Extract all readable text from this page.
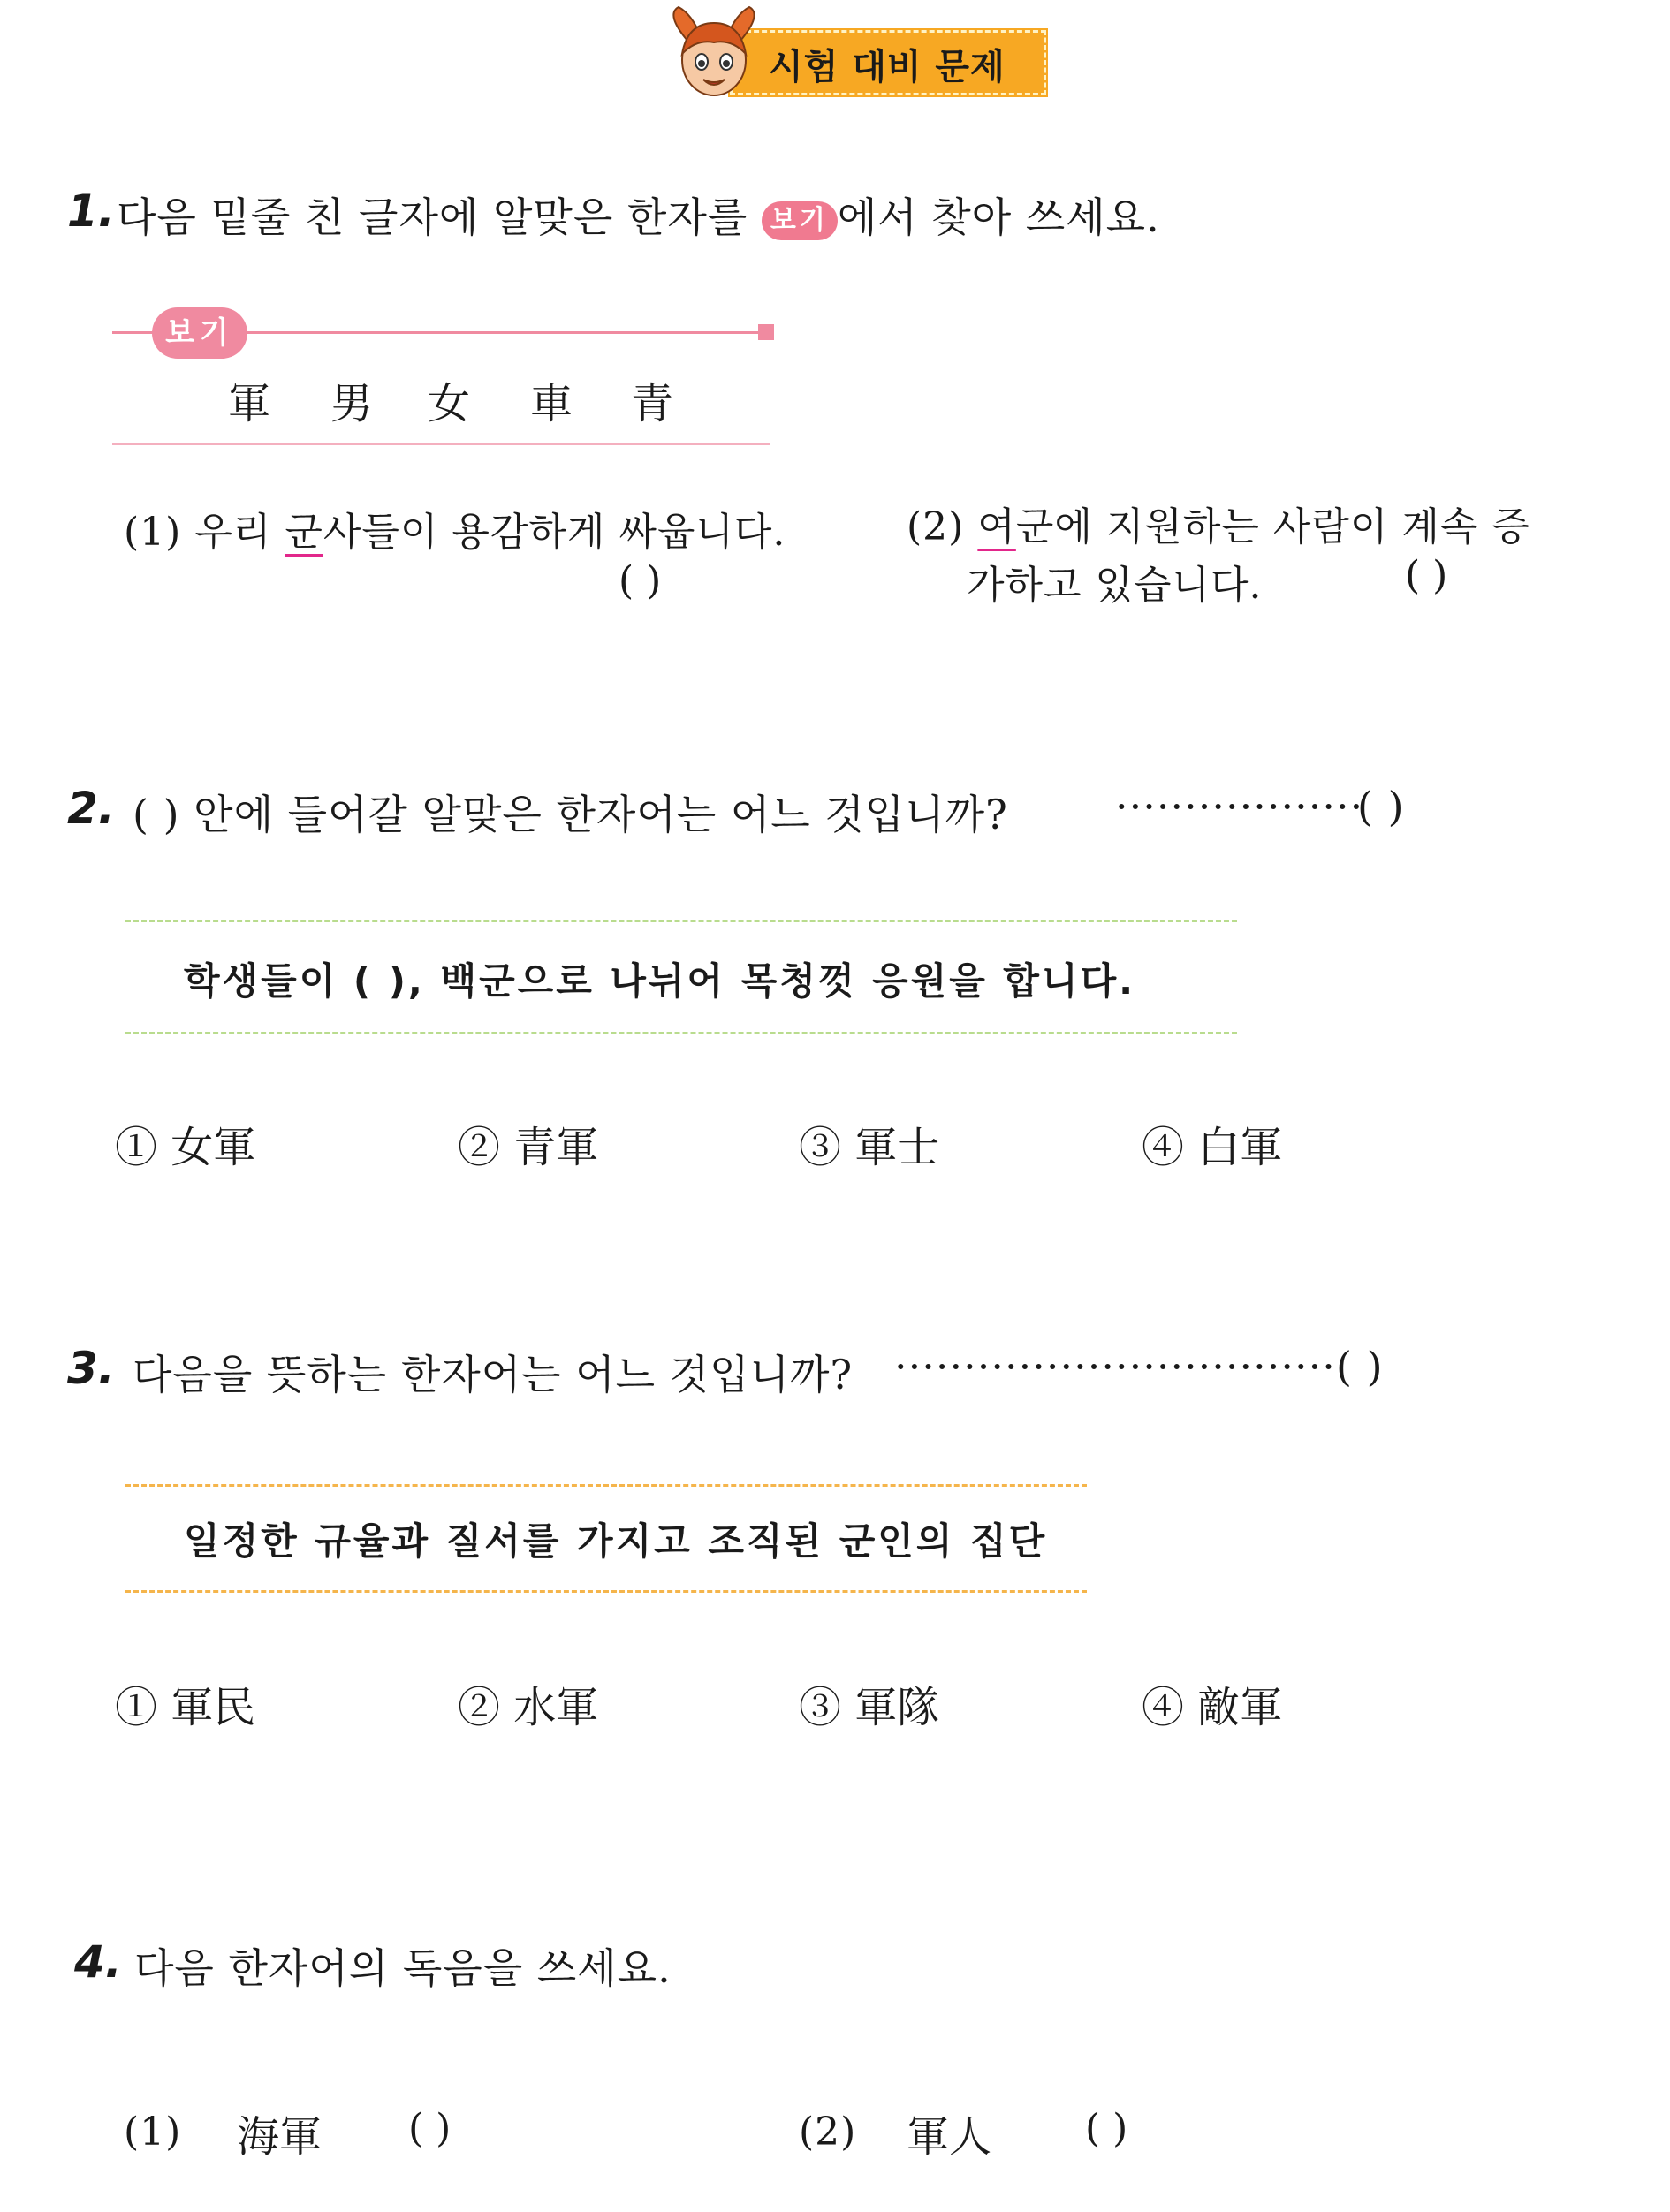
시험 대비 문제
1. 다음 밑줄 친 글자에 알맞은 한자를 보기 에서 찾아 쓰세요.
보기
軍 男 女 車 青
(1) 우리 군사들이 용감하게 싸웁니다.
( )
(2) 여군에 지원하는 사람이 계속 증
가하고 있습니다.	( )
2. ( ) 안에 들어갈 알맞은 한자어는 어느 것입니까?	··················
( )
학생들이 ( ), 백군으로 나뉘어 목청껏 응원을 합니다.
① 女軍	② 青軍	③ 軍士	④ 白軍
3. 다음을 뜻하는 한자어는 어느 것입니까? ································ ( )
일정한 규율과 질서를 가지고 조직된 군인의 집단
① 軍民	② 水軍	③ 軍隊	④ 敵軍
4. 다음 한자어의 독음을 쓰세요.
(1) 海軍 ( )	(2) 軍人 ( )
